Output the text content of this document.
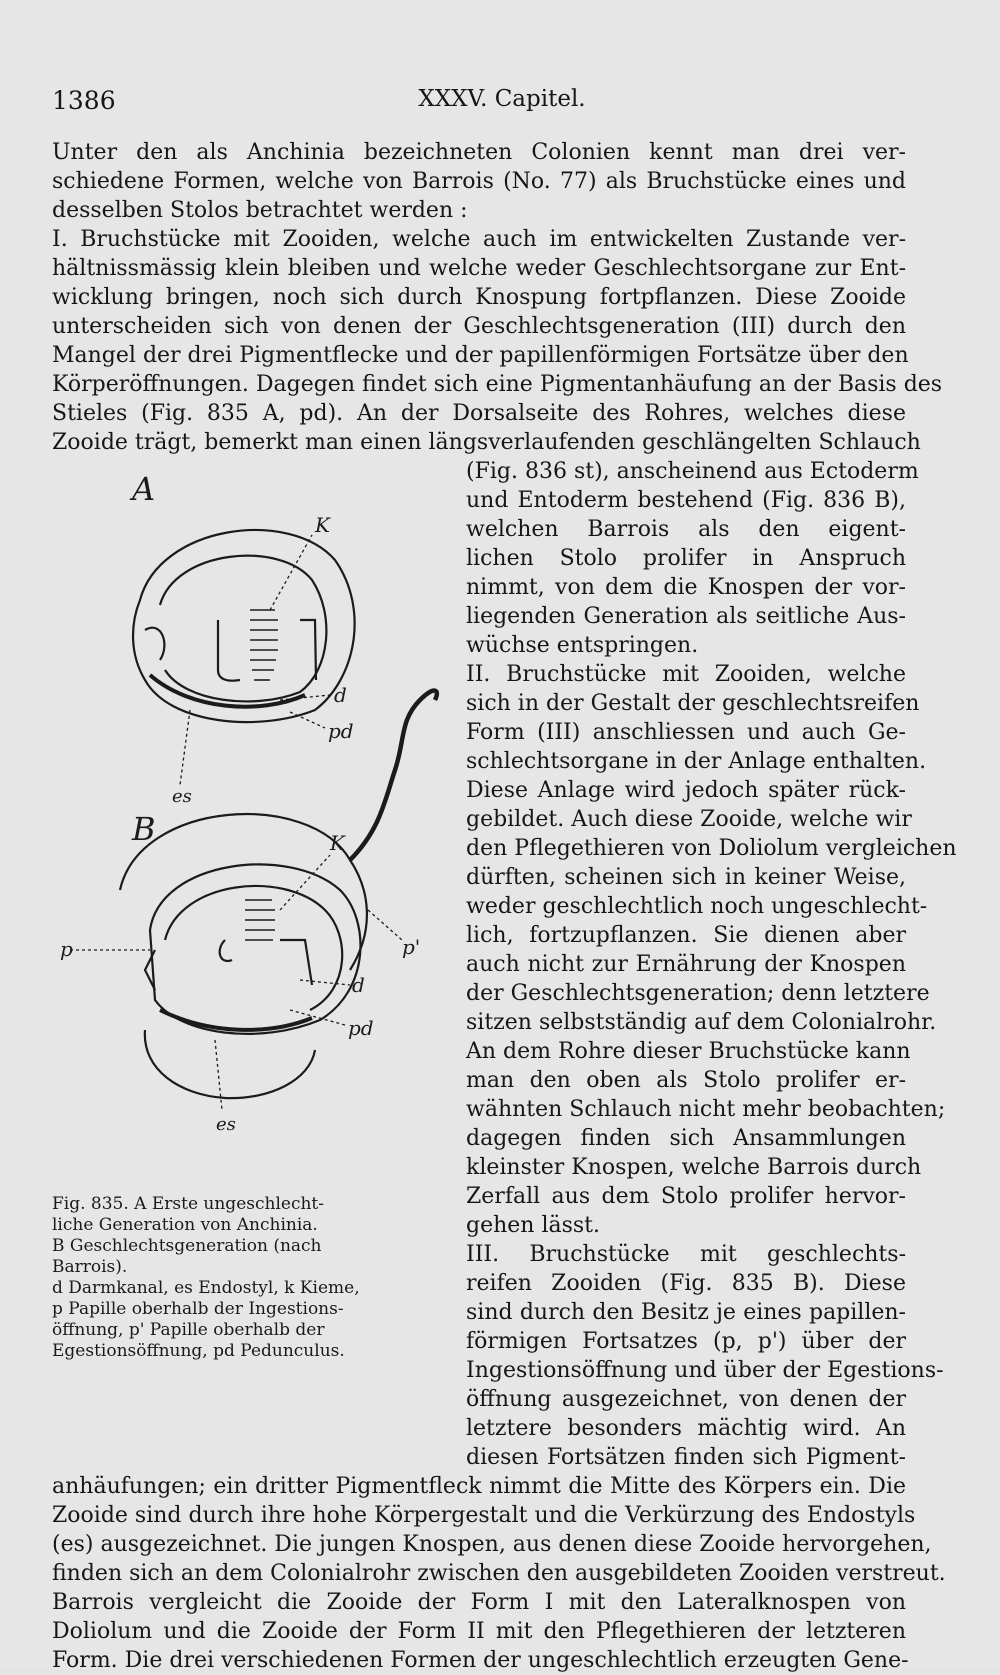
1386	XXXV. Capitel.
Unter den als Anchinia bezeichneten Colonien kennt man drei ver-
schiedene Formen, welche von Barrois (No. 77) als Bruchstücke eines und
desselben Stolos betrachtet werden :
I. Bruchstücke mit Zooiden, welche auch im entwickelten Zustande ver-
hältnissmässig klein bleiben und welche weder Geschlechtsorgane zur Ent-
wicklung bringen, noch sich durch Knospung fortpflanzen. Diese Zooide
unterscheiden sich von denen der Geschlechtsgeneration (III) durch den
Mangel der drei Pigmentflecke und der papillenförmigen Fortsätze über den
Körperöffnungen. Dagegen findet sich eine Pigmentanhäufung an der Basis des
Stieles (Fig. 835 A, pd). An der Dorsalseite des Rohres, welches diese
Zooide trägt, bemerkt man einen längsverlaufenden geschlängelten Schlauch
(Fig. 836 st), anscheinend aus Ectoderm
und Entoderm bestehend (Fig. 836 B),
welchen Barrois als den eigent-
lichen Stolo prolifer in Anspruch
nimmt, von dem die Knospen der vor-
liegenden Generation als seitliche Aus-
wüchse entspringen.
II. Bruchstücke mit Zooiden, welche
sich in der Gestalt der geschlechtsreifen
Form (III) anschliessen und auch Ge-
schlechtsorgane in der Anlage enthalten.
Diese Anlage wird jedoch später rück-
gebildet. Auch diese Zooide, welche wir
den Pflegethieren von Doliolum vergleichen
dürften, scheinen sich in keiner Weise,
weder geschlechtlich noch ungeschlecht-
lich, fortzupflanzen. Sie dienen aber
auch nicht zur Ernährung der Knospen
der Geschlechtsgeneration; denn letztere
sitzen selbstständig auf dem Colonialrohr.
An dem Rohre dieser Bruchstücke kann
man den oben als Stolo prolifer er-
wähnten Schlauch nicht mehr beobachten;
dagegen finden sich Ansammlungen
kleinster Knospen, welche Barrois durch
Zerfall aus dem Stolo prolifer hervor-
gehen lässt.
III. Bruchstücke mit geschlechts-
reifen Zooiden (Fig. 835 B). Diese
sind durch den Besitz je eines papillen-
förmigen Fortsatzes (p, p') über der
Ingestionsöffnung und über der Egestions-
öffnung ausgezeichnet, von denen der
letztere besonders mächtig wird. An
diesen Fortsätzen finden sich Pigment-
anhäufungen; ein dritter Pigmentfleck nimmt die Mitte des Körpers ein. Die
Zooide sind durch ihre hohe Körpergestalt und die Verkürzung des Endostyls
(es) ausgezeichnet. Die jungen Knospen, aus denen diese Zooide hervorgehen,
finden sich an dem Colonialrohr zwischen den ausgebildeten Zooiden verstreut.
Barrois vergleicht die Zooide der Form I mit den Lateralknospen von
Doliolum und die Zooide der Form II mit den Pflegethieren der letzteren
Form. Die drei verschiedenen Formen der ungeschlechtlich erzeugten Gene-
A
B
K
d
pd
es
K
p	p'
d
pd
es

Fig. 835. A Erste ungeschlecht-

liche Generation von Anchinia.

B Geschlechtsgeneration (nach

Barrois).

d Darmkanal, es Endostyl, k Kieme,

p Papille oberhalb der Ingestions-

öffnung, p' Papille oberhalb der

Egestionsöffnung, pd Pedunculus.
